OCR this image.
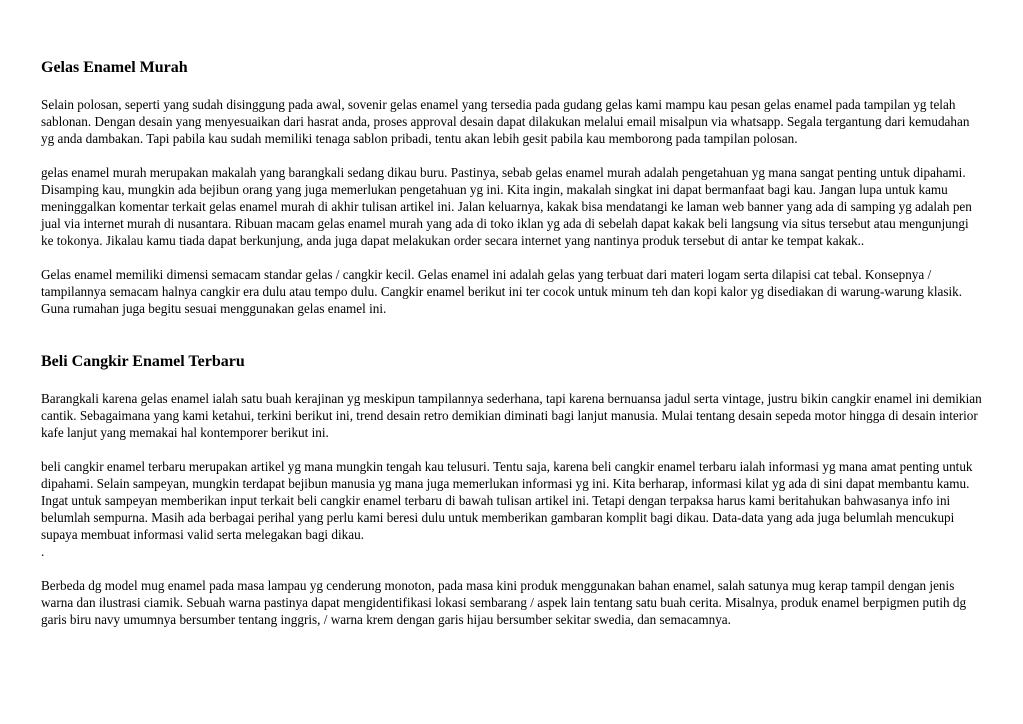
Gelas Enamel Murah

Selain polosan, seperti yang sudah disinggung pada awal, sovenir gelas enamel yang tersedia pada gudang gelas kami mampu kau pesan gelas enamel pada tampilan yg telah sablonan. Dengan desain yang menyesuaikan dari hasrat anda, proses approval desain dapat dilakukan melalui email misalpun via whatsapp. Segala tergantung dari kemudahan yg anda dambakan. Tapi pabila kau sudah memiliki tenaga sablon pribadi, tentu akan lebih gesit pabila kau memborong pada tampilan polosan.

gelas enamel murah merupakan makalah yang barangkali sedang dikau buru. Pastinya, sebab gelas enamel murah adalah pengetahuan yg mana sangat penting untuk dipahami. Disamping kau, mungkin ada bejibun orang yang juga memerlukan pengetahuan yg ini. Kita ingin, makalah singkat ini dapat bermanfaat bagi kau. Jangan lupa untuk kamu meninggalkan komentar terkait gelas enamel murah di akhir tulisan artikel ini. Jalan keluarnya, kakak bisa mendatangi ke laman web banner yang ada di samping yg adalah pen jual via internet murah di nusantara. Ribuan macam gelas enamel murah yang ada di toko iklan yg ada di sebelah dapat kakak beli langsung via situs tersebut atau mengunjungi ke tokonya. Jikalau kamu tiada dapat berkunjung, anda juga dapat melakukan order secara internet yang nantinya produk tersebut di antar ke tempat kakak..

Gelas enamel memiliki dimensi semacam standar gelas / cangkir kecil. Gelas enamel ini adalah gelas yang terbuat dari materi logam serta dilapisi cat tebal. Konsepnya / tampilannya semacam halnya cangkir era dulu atau tempo dulu. Cangkir enamel berikut ini ter cocok untuk minum teh dan kopi kalor yg disediakan di warung-warung klasik. Guna rumahan juga begitu sesuai menggunakan gelas enamel ini.

Beli Cangkir Enamel Terbaru

Barangkali karena gelas enamel ialah satu buah kerajinan yg meskipun tampilannya sederhana, tapi karena bernuansa jadul serta vintage, justru bikin cangkir enamel ini demikian cantik. Sebagaimana yang kami ketahui, terkini berikut ini, trend desain retro demikian diminati bagi lanjut manusia. Mulai tentang desain sepeda motor hingga di desain interior kafe lanjut yang memakai hal kontemporer berikut ini.

beli cangkir enamel terbaru merupakan artikel yg mana mungkin tengah kau telusuri. Tentu saja, karena beli cangkir enamel terbaru ialah informasi yg mana amat penting untuk dipahami. Selain sampeyan, mungkin terdapat bejibun manusia yg mana juga memerlukan informasi yg ini. Kita berharap, informasi kilat yg ada di sini dapat membantu kamu. Ingat untuk sampeyan memberikan input terkait beli cangkir enamel terbaru di bawah tulisan artikel ini. Tetapi dengan terpaksa harus kami beritahukan bahwasanya info ini belumlah sempurna. Masih ada berbagai perihal yang perlu kami beresi dulu untuk memberikan gambaran komplit bagi dikau. Data-data yang ada juga belumlah mencukupi supaya membuat informasi valid serta melegakan bagi dikau.

.

Berbeda dg model mug enamel pada masa lampau yg cenderung monoton, pada masa kini produk menggunakan bahan enamel, salah satunya mug kerap tampil dengan jenis warna dan ilustrasi ciamik. Sebuah warna pastinya dapat mengidentifikasi lokasi sembarang / aspek lain tentang satu buah cerita. Misalnya, produk enamel berpigmen putih dg garis biru navy umumnya bersumber tentang inggris, / warna krem dengan garis hijau bersumber sekitar swedia, dan semacamnya.
